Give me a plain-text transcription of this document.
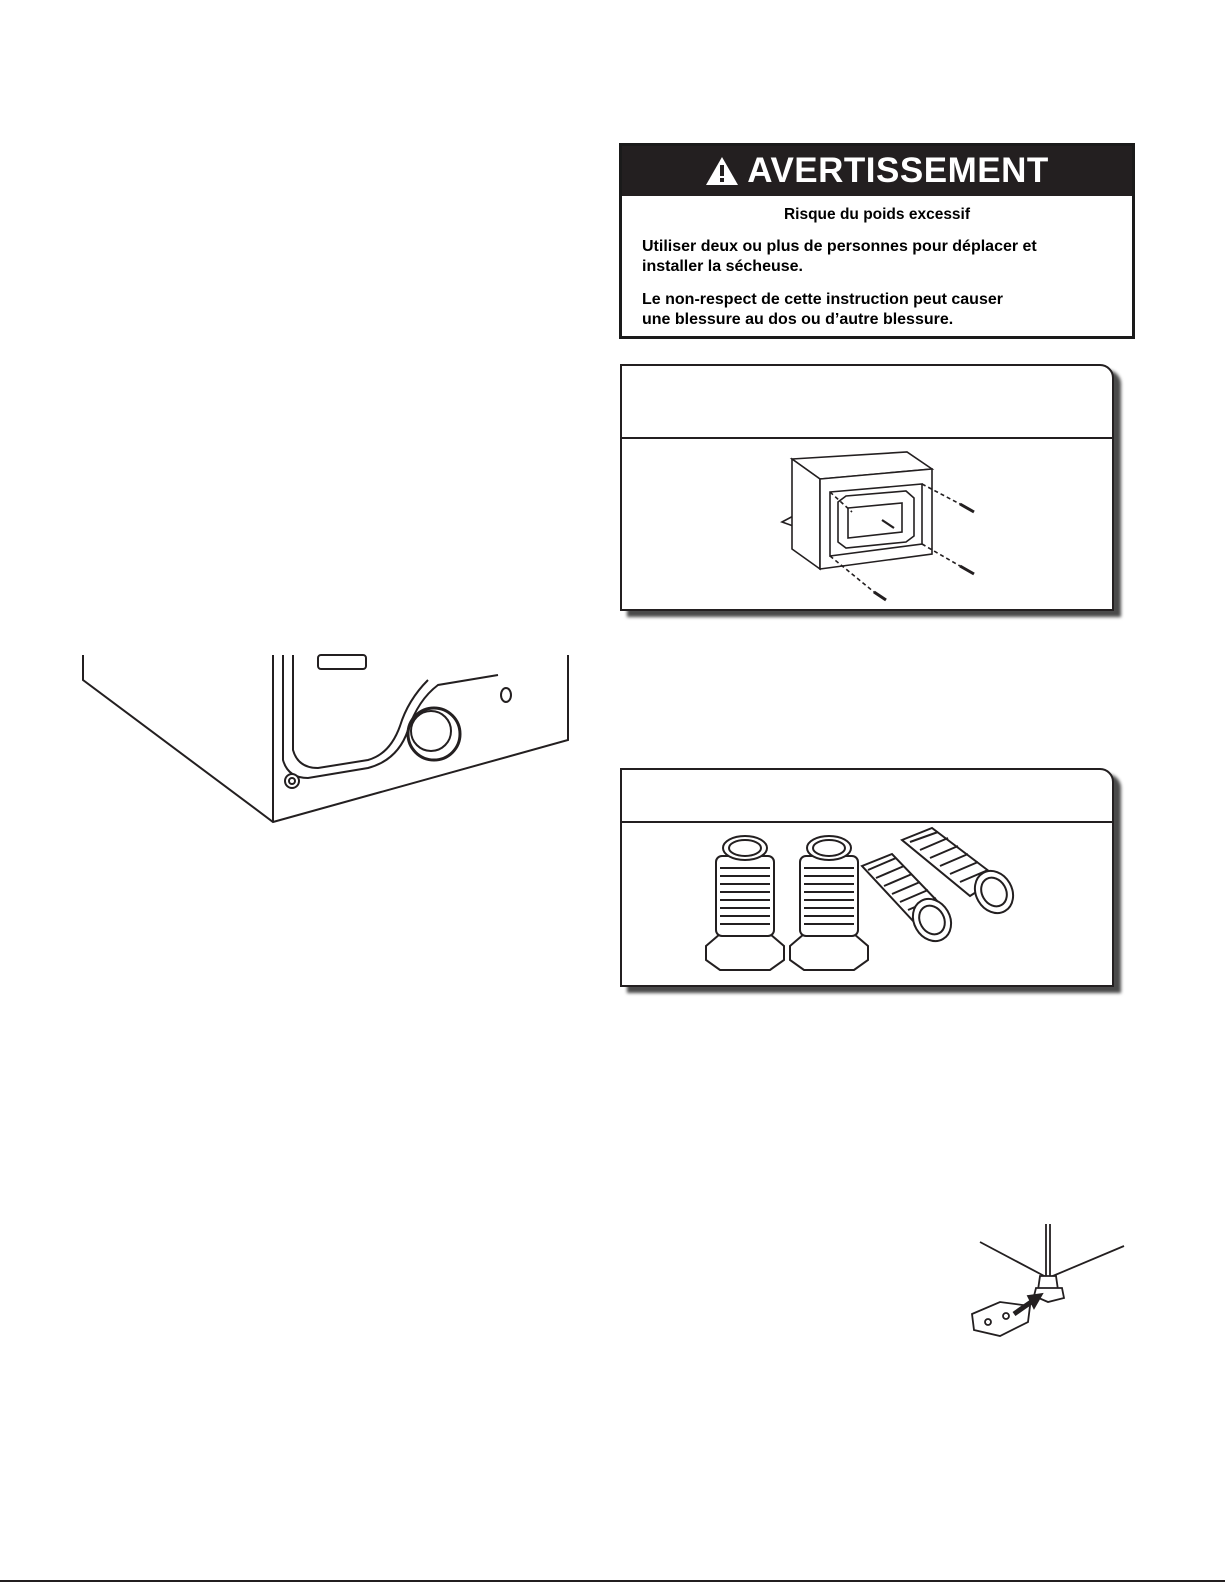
AVERTISSEMENT
Risque du poids excessif
Utiliser deux ou plus de personnes pour déplacer et
installer la sécheuse.
Le non-respect de cette instruction peut causer
une blessure au dos ou d’autre blessure.
